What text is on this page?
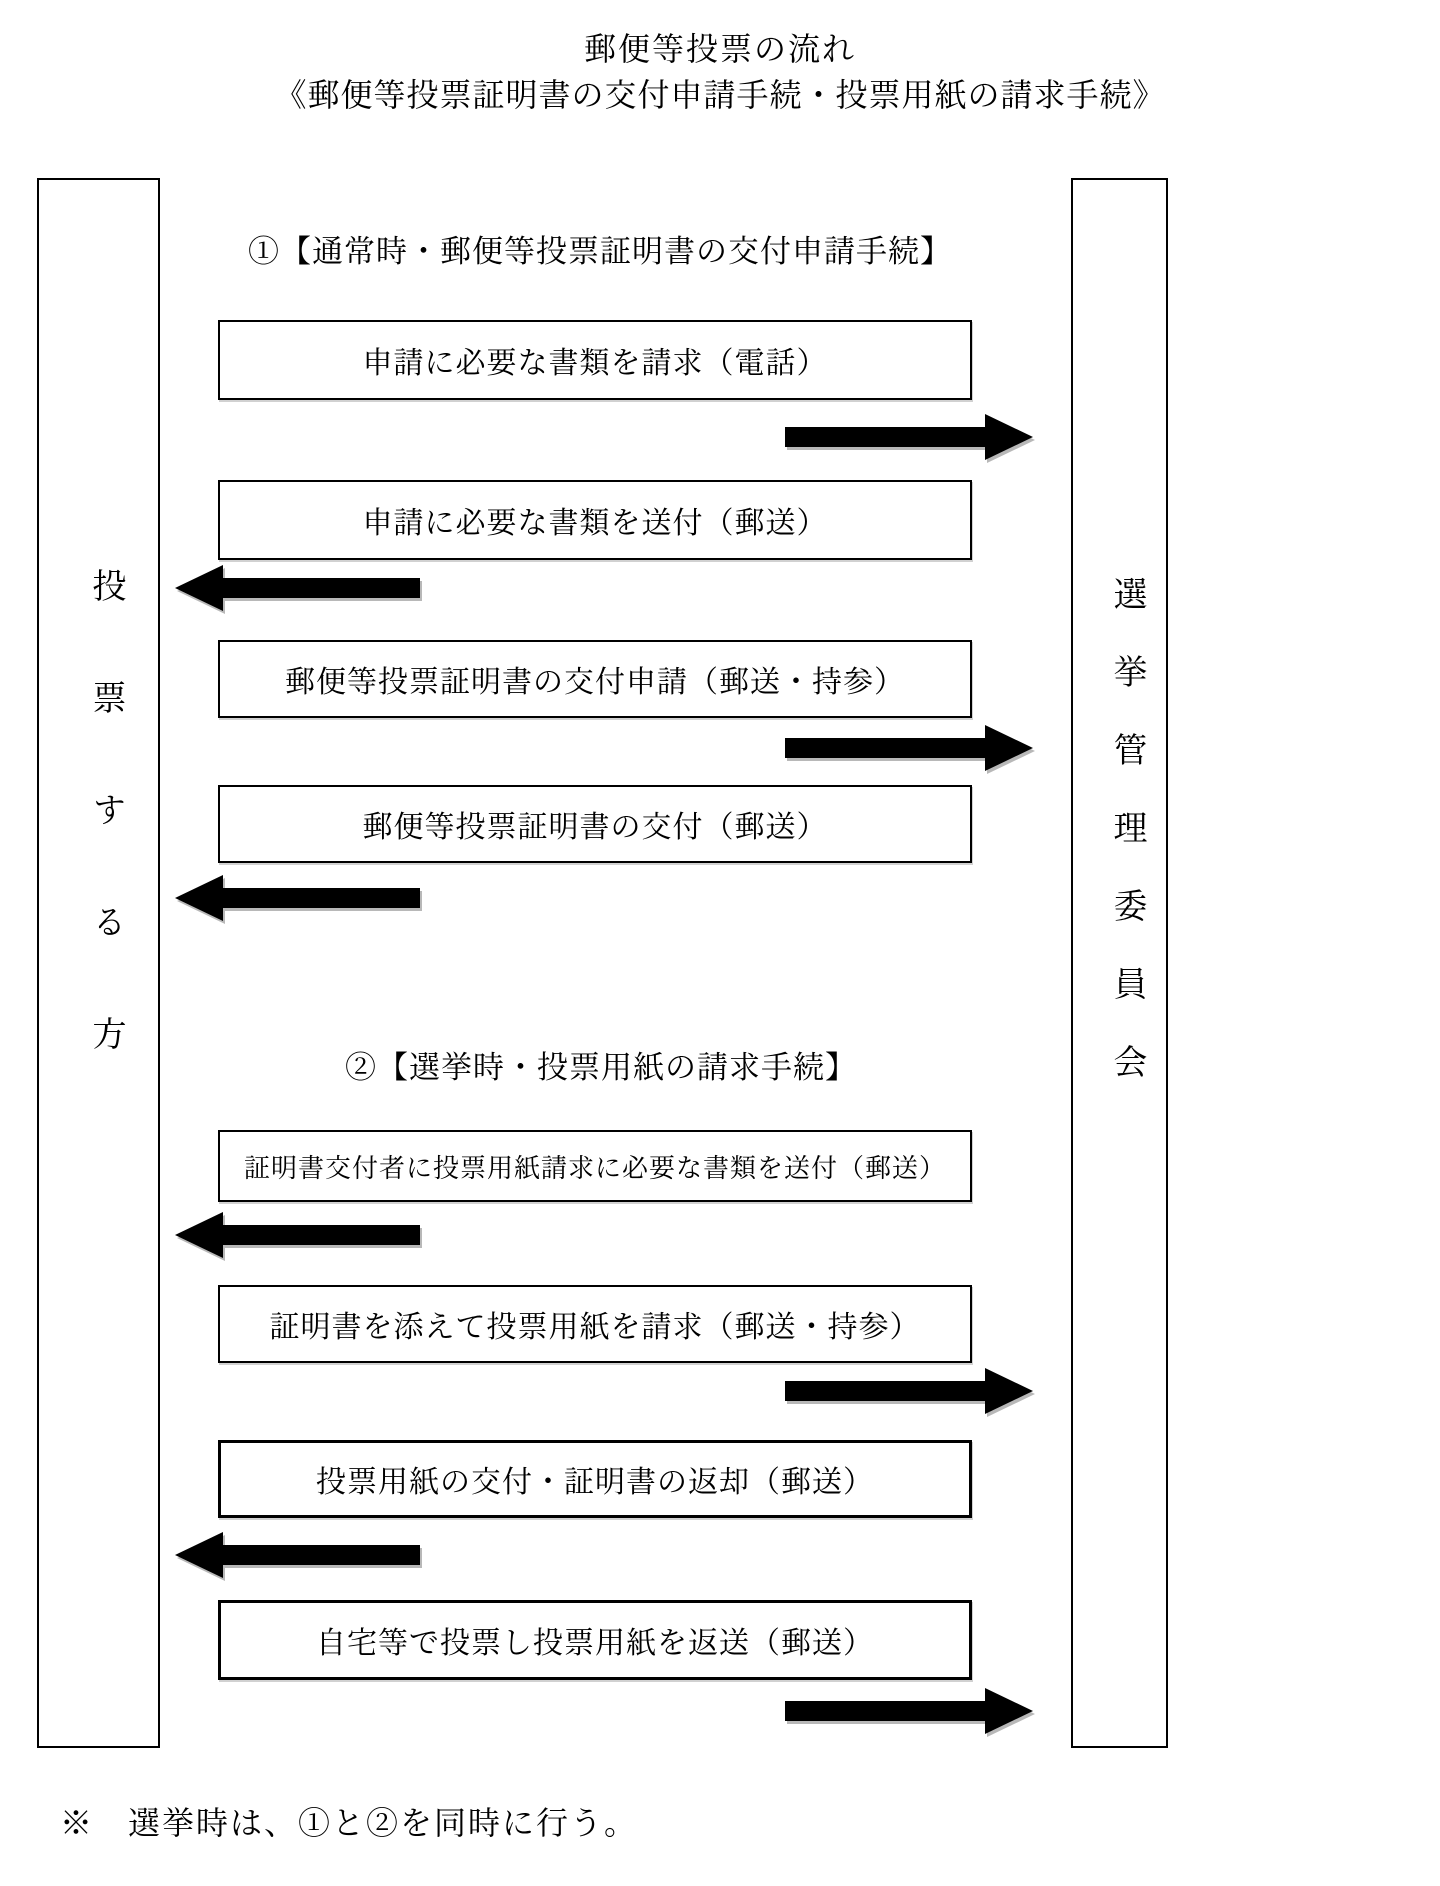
郵便等投票の流れ
《郵便等投票証明書の交付申請手続・投票用紙の請求手続》
投票する方	選挙管理委員会
①【通常時・郵便等投票証明書の交付申請手続】
申請に必要な書類を請求（電話）
申請に必要な書類を送付（郵送）
郵便等投票証明書の交付申請（郵送・持参）
郵便等投票証明書の交付（郵送）
②【選挙時・投票用紙の請求手続】
証明書交付者に投票用紙請求に必要な書類を送付（郵送）
証明書を添えて投票用紙を請求（郵送・持参）
投票用紙の交付・証明書の返却（郵送）
自宅等で投票し投票用紙を返送（郵送）
※　選挙時は、①と②を同時に行う。
